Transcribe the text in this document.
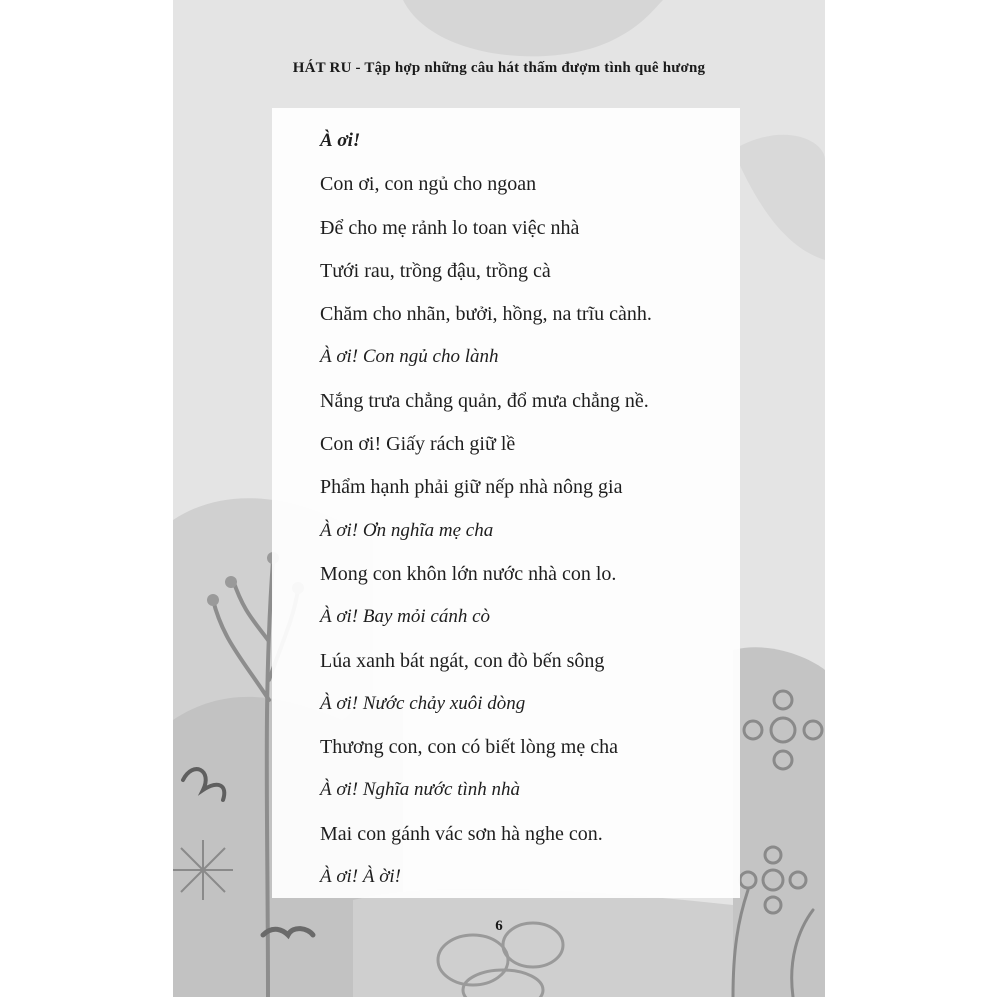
HÁT RU - Tập hợp những câu hát thấm đượm tình quê hương
6
À ơi!
Con ơi, con ngủ cho ngoan
Để cho mẹ rảnh lo toan việc nhà
Tưới rau, trồng đậu, trồng cà
Chăm cho nhãn, bưởi, hồng, na trĩu cành.
À ơi! Con ngủ cho lành
Nắng trưa chẳng quản, đổ mưa chẳng nề.
Con ơi! Giấy rách giữ lề
Phẩm hạnh phải giữ nếp nhà nông gia
À ơi! Ơn nghĩa mẹ cha
Mong con khôn lớn nước nhà con lo.
À ơi! Bay mỏi cánh cò
Lúa xanh bát ngát, con đò bến sông
À ơi! Nước chảy xuôi dòng
Thương con, con có biết lòng mẹ cha
À ơi! Nghĩa nước tình nhà
Mai con gánh vác sơn hà nghe con.
À ơi! À ời!
